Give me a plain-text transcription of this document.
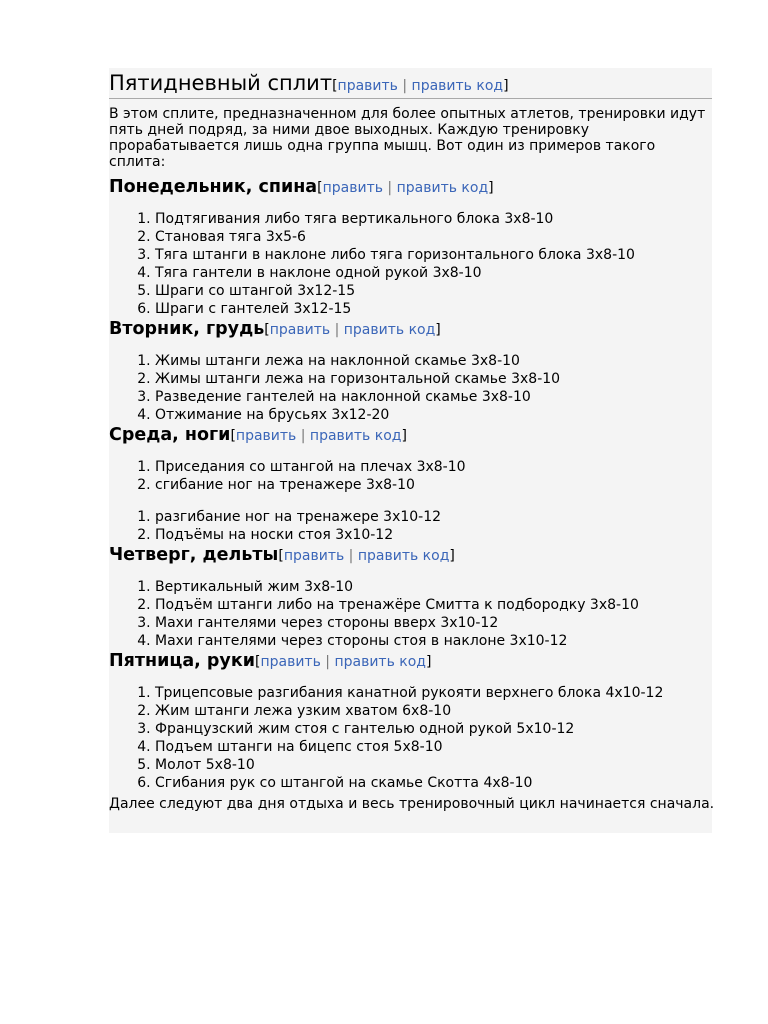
Пятидневный сплит[править | править код]
В этом сплите, предназначенном для более опытных атлетов, тренировки идут пять дней подряд, за ними двое выходных. Каждую тренировку прорабатывается лишь одна группа мышц. Вот один из примеров такого сплита:
Понедельник, спина[править | править код]
1. Подтягивания либо тяга вертикального блока 3х8-10
2. Становая тяга 3х5-6
3. Тяга штанги в наклоне либо тяга горизонтального блока 3х8-10
4. Тяга гантели в наклоне одной рукой 3х8-10
5. Шраги со штангой 3х12-15
6. Шраги с гантелей 3х12-15
Вторник, грудь[править | править код]
1. Жимы штанги лежа на наклонной скамье 3х8-10
2. Жимы штанги лежа на горизонтальной скамье 3х8-10
3. Разведение гантелей на наклонной скамье 3х8-10
4. Отжимание на брусьях 3х12-20
Среда, ноги[править | править код]
1. Приседания со штангой на плечах 3х8-10
2. сгибание ног на тренажере 3х8-10
1. разгибание ног на тренажере 3х10-12
2. Подъёмы на носки стоя 3х10-12
Четверг, дельты[править | править код]
1. Вертикальный жим 3х8-10
2. Подъём штанги либо на тренажёре Смитта к подбородку 3х8-10
3. Махи гантелями через стороны вверх 3х10-12
4. Махи гантелями через стороны стоя в наклоне 3х10-12
Пятница, руки[править | править код]
1. Трицепсовые разгибания канатной рукояти верхнего блока 4х10-12
2. Жим штанги лежа узким хватом 6х8-10
3. Французский жим стоя с гантелью одной рукой 5х10-12
4. Подъем штанги на бицепс стоя 5х8-10
5. Молот 5х8-10
6. Сгибания рук со штангой на скамье Скотта 4х8-10
Далее следуют два дня отдыха и весь тренировочный цикл начинается сначала.
